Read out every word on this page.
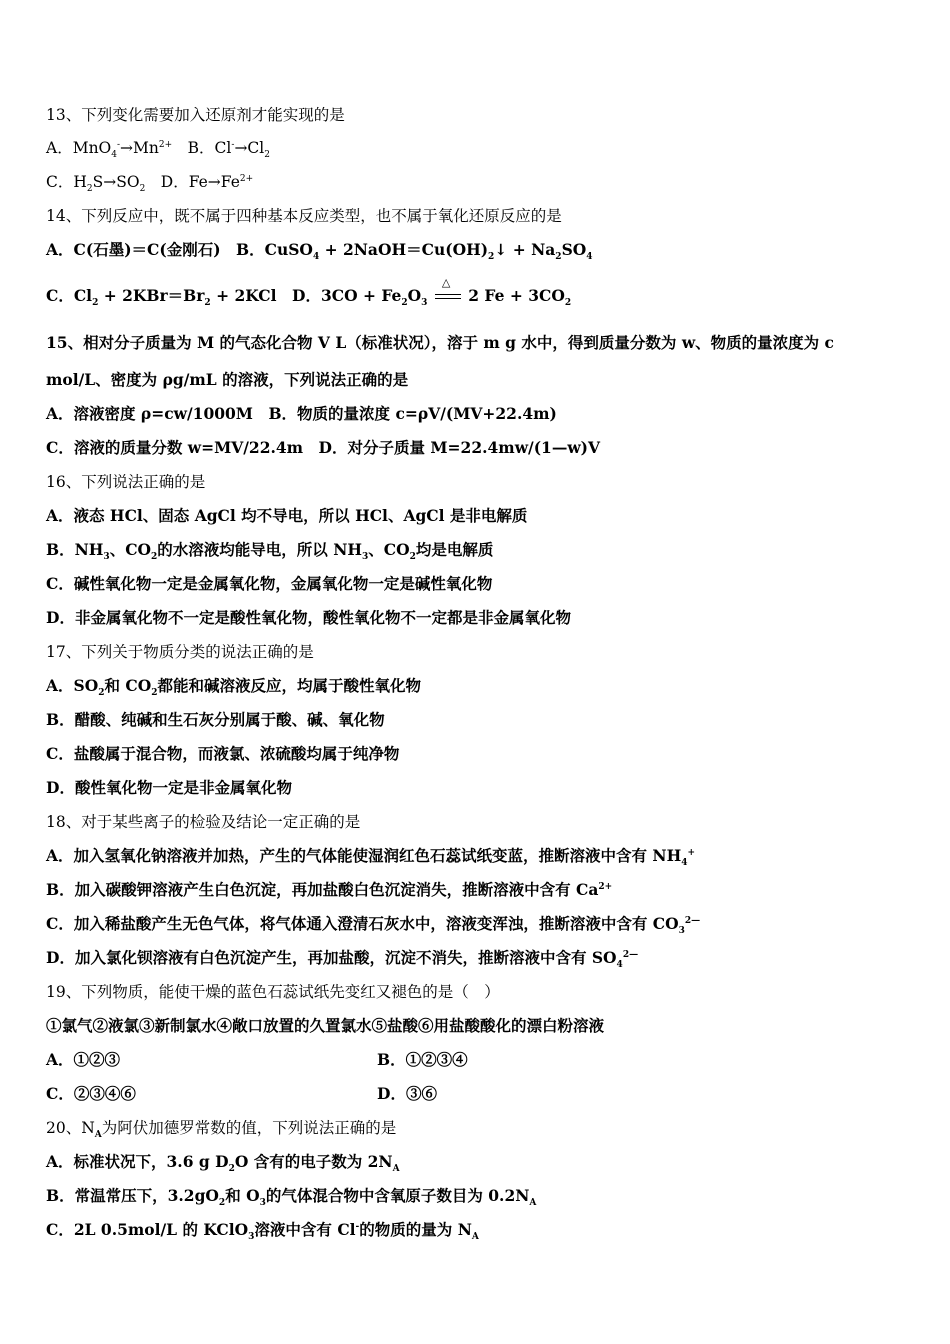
13、下列变化需要加入还原剂才能实现的是
A．$MnO_4^-\to Mn^{2+}$　B．$Cl^-\to Cl_2$
C．$H_2S\to SO_2$　D．$Fe\to Fe^{2+}$
14、下列反应中，既不属于四种基本反应类型，也不属于氧化还原反应的是
A．C(石墨)＝C(金刚石)　B．CuSO$_4$ + $2NaOH=Cu(OH)_2↓ + Na_2SO_4$
C．$Cl_2 + 2KBr=Br_2 + 2KCl$　D．$3CO + Fe_2O_3$
△
2 $Fe + 3CO_2$
15、相对分子质量为 M 的气态化合物 V L（标准状况），溶于 m g 水中，得到质量分数为 w、物质的量浓度为 c
mol/L、密度为 ρg/mL 的溶液，下列说法正确的是
A．溶液密度 ρ=cw/1000M　B．物质的量浓度 c=ρV/(MV+22.4m)
C．溶液的质量分数 w=MV/22.4m　D．对分子质量 M=22.4mw/(1—w)V
16、下列说法正确的是
A．液态 HCl、固态 AgCl 均不导电，所以 HCl、AgCl 是非电解质
B．$NH_3$、$CO_2$的水溶液均能导电，所以 $NH_3$、$CO_2$均是电解质
C．碱性氧化物一定是金属氧化物，金属氧化物一定是碱性氧化物
D．非金属氧化物不一定是酸性氧化物，酸性氧化物不一定都是非金属氧化物
17、下列关于物质分类的说法正确的是
A．$SO_2$和 $CO_2$都能和碱溶液反应，均属于酸性氧化物
B．醋酸、纯碱和生石灰分别属于酸、碱、氧化物
C．盐酸属于混合物，而液氯、浓硫酸均属于纯净物
D．酸性氧化物一定是非金属氧化物
18、对于某些离子的检验及结论一定正确的是
A．加入氢氧化钠溶液并加热，产生的气体能使湿润红色石蕊试纸变蓝，推断溶液中含有 $NH_4^+$
B．加入碳酸钾溶液产生白色沉淀，再加盐酸白色沉淀消失，推断溶液中含有 $Ca^{2+}$
C．加入稀盐酸产生无色气体，将气体通入澄清石灰水中，溶液变浑浊，推断溶液中含有 $CO_3^{2—}$
D．加入氯化钡溶液有白色沉淀产生，再加盐酸，沉淀不消失，推断溶液中含有 $SO_4^{2—}$
19、下列物质，能使干燥的蓝色石蕊试纸先变红又褪色的是（　）
①氯气②液氯③新制氯水④敞口放置的久置氯水⑤盐酸⑥用盐酸酸化的漂白粉溶液
A．①②③	B．①②③④
C．②③④⑥	D．③⑥
20、$N_A$为阿伏加德罗常数的值，下列说法正确的是
A．标准状况下，3.6 g $D_2O$ 含有的电子数为 $2N_A$
B．常温常压下，$3.2gO_2$和 $O_3$的气体混合物中含氧原子数目为 $0.2N_A$
C．2L 0.5mol/L 的 KClO$_3$溶液中含有 Cl-的物质的量为 $N_A$
